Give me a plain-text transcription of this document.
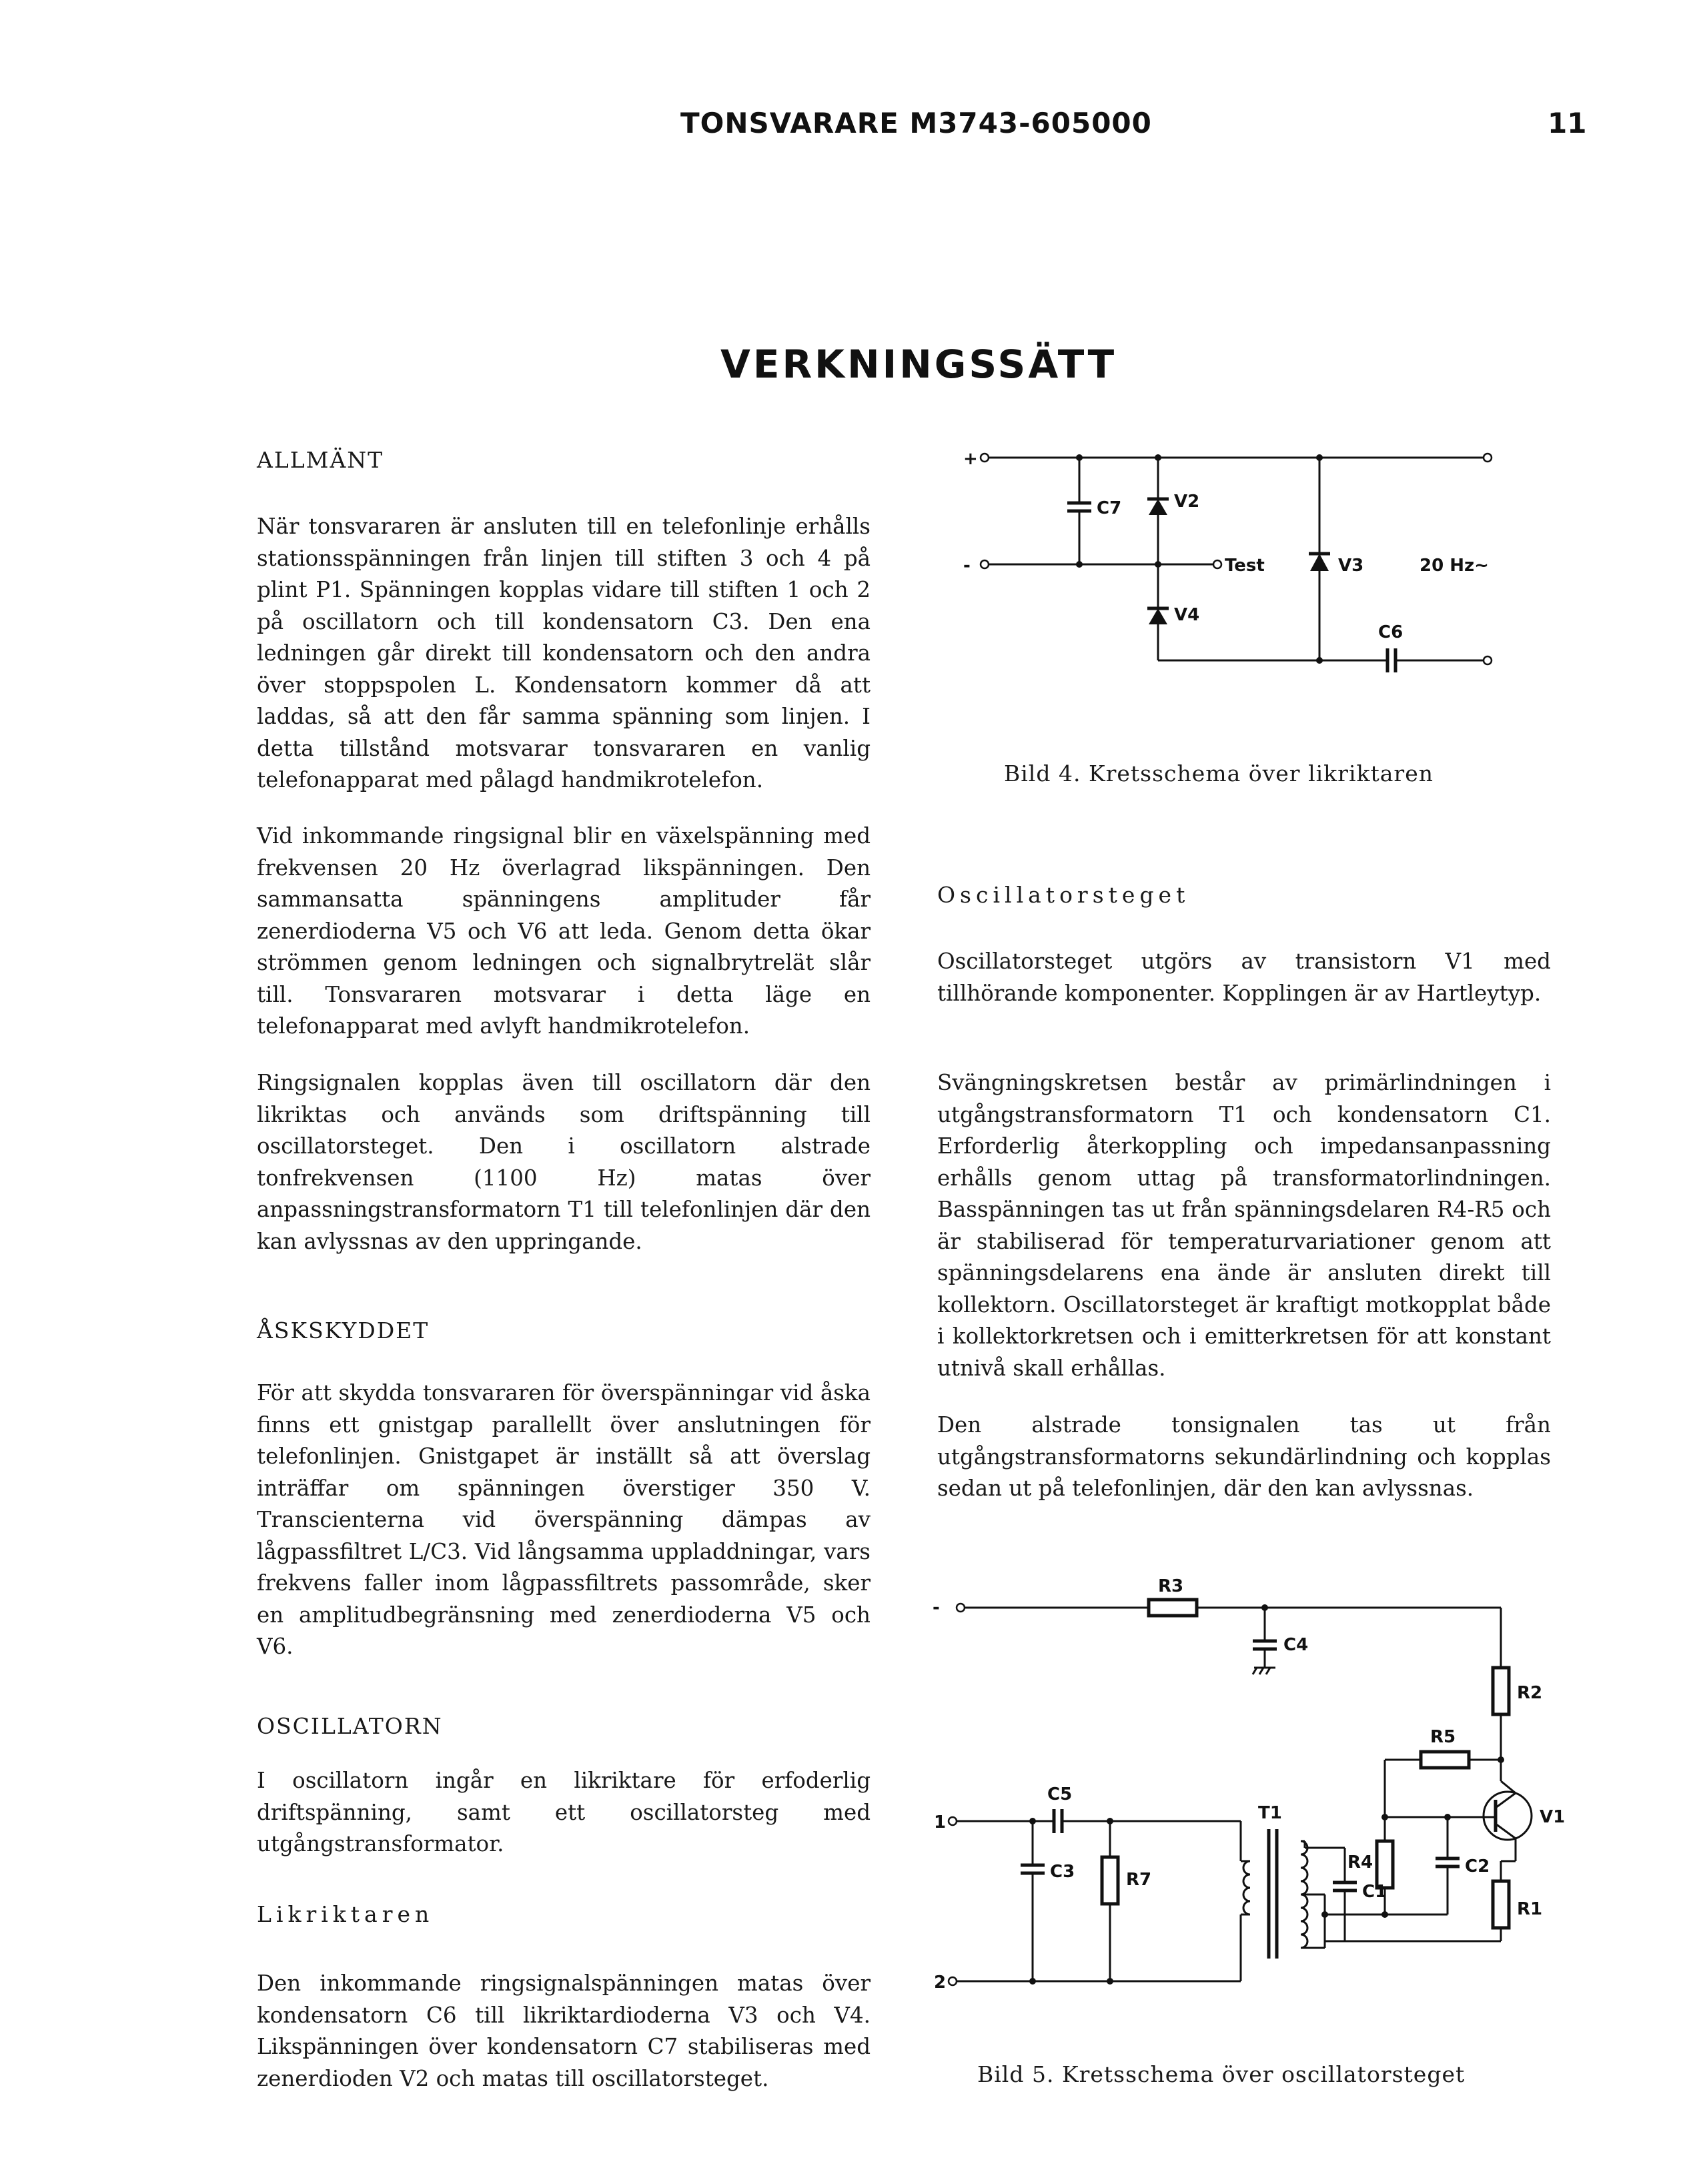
TONSVARARE M3743-605000	11
VERKNINGSSÄTT
ALLMÄNT
När tonsvararen är ansluten till en telefonlinje erhålls stationsspänningen från linjen till stiften 3 och 4 på plint P1. Spänningen kopplas vidare till stiften 1 och 2 på oscillatorn och till kondensatorn C3. Den ena ledningen går direkt till kondensatorn och den andra över stoppspolen L. Kondensatorn kommer då att laddas, så att den får samma spänning som linjen. I detta tillstånd motsvarar tonsvararen en vanlig telefonapparat med pålagd handmikrotelefon.
Vid inkommande ringsignal blir en växelspänning med frekvensen 20 Hz överlagrad likspänningen. Den sammansatta spänningens amplituder får zenerdioderna V5 och V6 att leda. Genom detta ökar strömmen genom ledningen och signalbrytrelät slår till. Tonsvararen motsvarar i detta läge en telefonapparat med avlyft handmikrotelefon.
Ringsignalen kopplas även till oscillatorn där den likriktas och används som driftspänning till oscillatorsteget. Den i oscillatorn alstrade tonfrekvensen (1100 Hz) matas över anpassningstransformatorn T1 till telefonlinjen där den kan avlyssnas av den uppringande.
ÅSKSKYDDET
För att skydda tonsvararen för överspänningar vid åska finns ett gnistgap parallellt över anslutningen för telefonlinjen. Gnistgapet är inställt så att överslag inträffar om spänningen överstiger 350 V. Transcienterna vid överspänning dämpas av lågpassfiltret L/C3. Vid långsamma uppladdningar, vars frekvens faller inom lågpassfiltrets passområde, sker en amplitudbegränsning med zenerdioderna V5 och V6.
OSCILLATORN
I oscillatorn ingår en likriktare för erfoderlig driftspänning, samt ett oscillatorsteg med utgångstransformator.
Likriktaren
Den inkommande ringsignalspänningen matas över kondensatorn C6 till likriktardioderna V3 och V4. Likspänningen över kondensatorn C7 stabiliseras med zenerdioden V2 och matas till oscillatorsteget.
+
-	Test
C7	V2
V4
V3	20 Hz~
C6
Bild 4. Kretsschema över likriktaren
Oscillatorsteget
Oscillatorsteget utgörs av transistorn V1 med tillhörande komponenter. Kopplingen är av Hartleytyp.
Svängningskretsen består av primärlindningen i utgångstransformatorn T1 och kondensatorn C1. Erforderlig återkoppling och impedansanpassning erhålls genom uttag på transformatorlindningen. Basspänningen tas ut från spänningsdelaren R4-R5 och är stabiliserad för temperaturvariationer genom att spänningsdelarens ena ände är ansluten direkt till kollektorn. Oscillatorsteget är kraftigt motkopplat både i kollektorkretsen och i emitterkretsen för att konstant utnivå skall erhållas.
Den alstrade tonsignalen tas ut från utgångstransformatorns sekundärlindning och kopplas sedan ut på telefonlinjen, där den kan avlyssnas.
-
R3
C4
R2
R5
V1
R4	C2
R1
C1
T1
1
C5
2
C3	R7
Bild 5. Kretsschema över oscillatorsteget
